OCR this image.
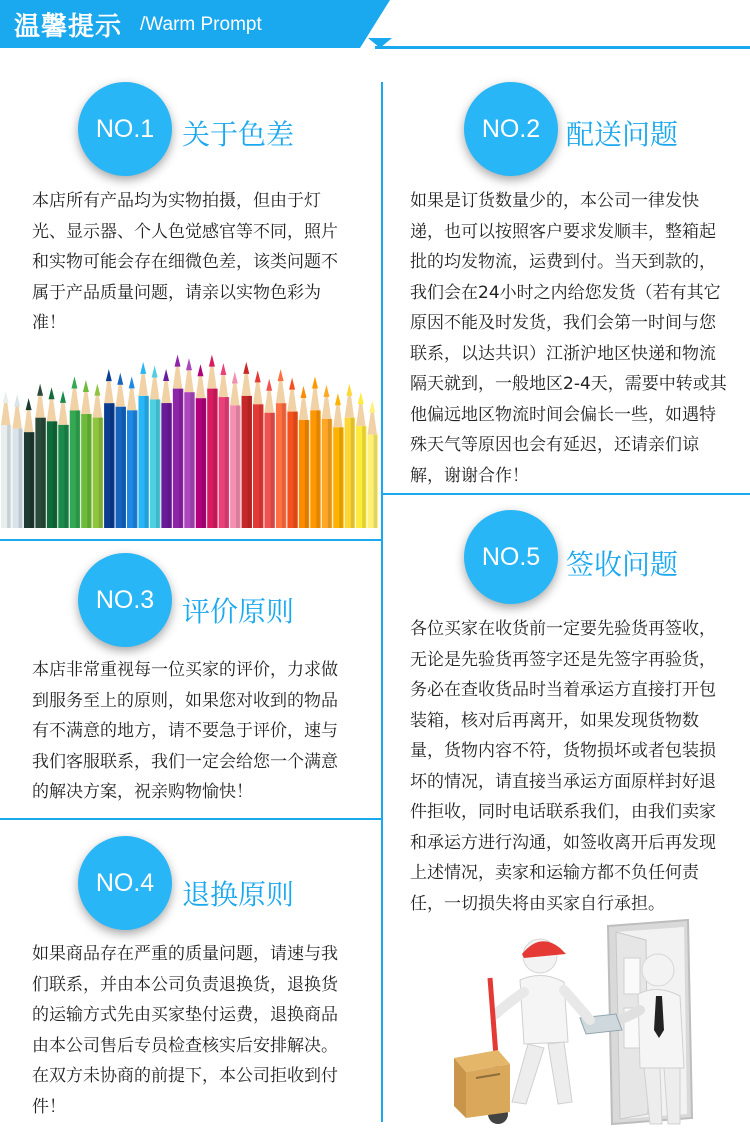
温馨提示 /Warm Prompt
NO.1 关于色差
本店所有产品均为实物拍摄，但由于灯光、显示器、个人色觉感官等不同，照片和实物可能会存在细微色差，该类问题不属于产品质量问题，请亲以实物色彩为准！
NO.2 配送问题
如果是订货数量少的，本公司一律发快递，也可以按照客户要求发顺丰，整箱起批的均发物流，运费到付。当天到款的，我们会在24小时之内给您发货（若有其它原因不能及时发货，我们会第一时间与您联系，以达共识）江浙沪地区快递和物流隔天就到，一般地区2-4天，需要中转或其他偏远地区物流时间会偏长一些，如遇特殊天气等原因也会有延迟，还请亲们谅解，谢谢合作！
NO.3 评价原则
本店非常重视每一位买家的评价，力求做到服务至上的原则，如果您对收到的物品有不满意的地方，请不要急于评价，速与我们客服联系，我们一定会给您一个满意的解决方案，祝亲购物愉快！
NO.5 签收问题
各位买家在收货前一定要先验货再签收，无论是先验货再签字还是先签字再验货，务必在查收货品时当着承运方直接打开包装箱，核对后再离开，如果发现货物数量，货物内容不符，货物损坏或者包装损坏的情况，请直接当承运方面原样封好退件拒收，同时电话联系我们，由我们卖家和承运方进行沟通，如签收离开后再发现上述情况，卖家和运输方都不负任何责任，一切损失将由买家自行承担。
NO.4 退换原则
如果商品存在严重的质量问题，请速与我们联系，并由本公司负责退换货，退换货的运输方式先由买家垫付运费，退换商品由本公司售后专员检查核实后安排解决。在双方未协商的前提下，本公司拒收到付件！
